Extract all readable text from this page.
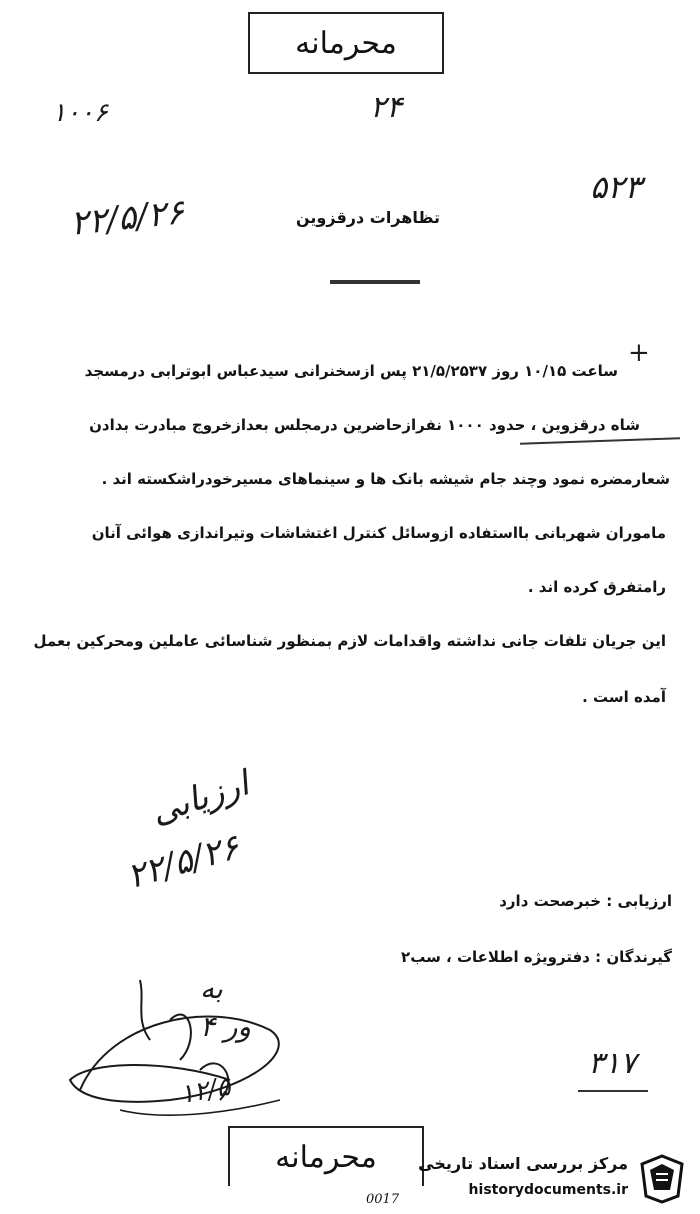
محرمانه
۱۰۰۶	۲۴
۵۲۳
۲۲/۵/۲۶	تظاهرات درقزوین
+
ساعت ۱۰/۱۵ روز ۲۱/۵/۲۵۳۷ پس ازسخنرانی سیدعباس ابوترابی درمسجد
شاه درقزوین ، حدود ۱۰۰۰ نفرازحاضرین درمجلس بعدازخروج مبادرت بدادن
شعارمضره نمود وچند جام شیشه بانک ها و سینماهای مسیرخودراشکسته اند .
ماموران شهربانی بااستفاده ازوسائل کنترل اغتشاشات وتیراندازی هوائی آنان
رامتفرق کرده اند .
این جریان تلفات جانی نداشته واقدامات لازم بمنظور شناسائی عاملین ومحرکین بعمل
آمده است .
ارزیابی
۲۲/۵/۲۶
ارزیابی : خبرصحت دارد
گیرندگان : دفترویژه اطلاعات ، سب۲
به
۴ ور
۳۱۷
۱۲/۵
محرمانه
0017
مرکز بررسی اسناد تاریخی
historydocuments.ir
